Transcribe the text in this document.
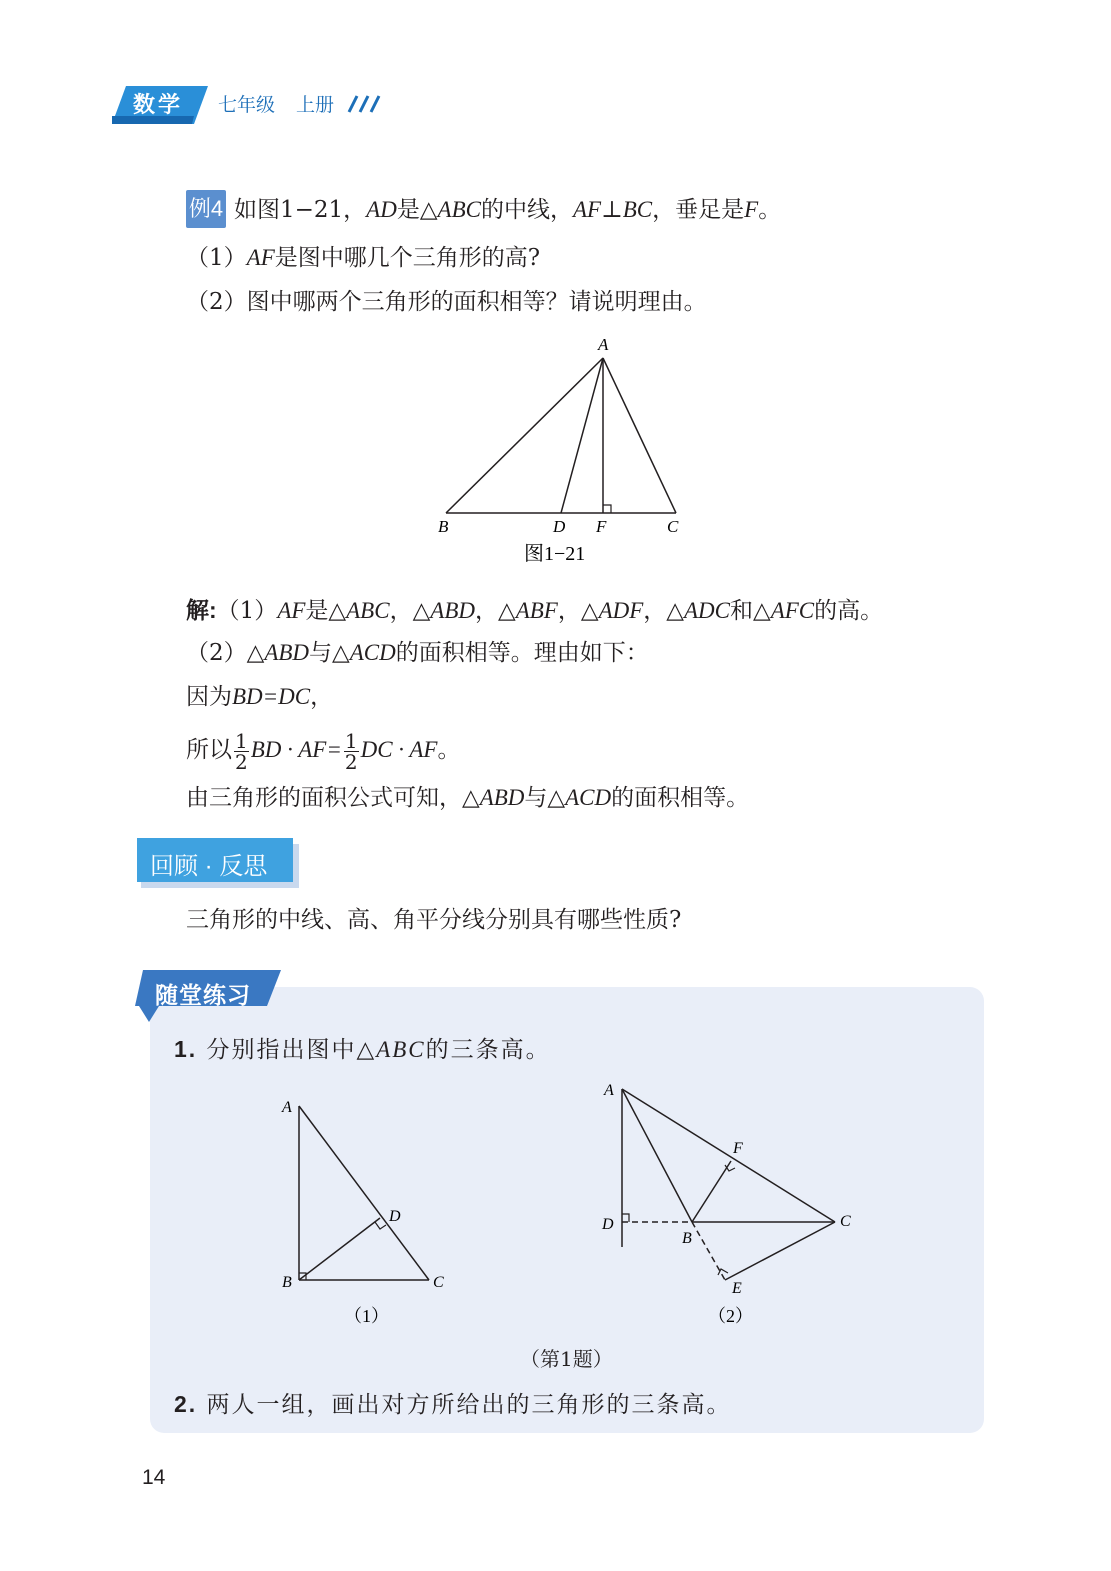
数学 七年级 上册
例4 如图1−21，AD是△ABC的中线，AF⊥BC，垂足是F。
（1）AF是图中哪几个三角形的高?
（2）图中哪两个三角形的面积相等？请说明理由。
A
B	D F	C
图1−21
解:（1）AF是△ABC，△ABD，△ABF，△ADF，△ADC和△AFC的高。
（2）△ABD与△ACD的面积相等。理由如下：
因为BD=DC，
所以 $\frac{1}{2}$ BD · $AF= \frac{1}{2}$ DC · AF。
由三角形的面积公式可知，△ABD与△ACD的面积相等。
回顾 · 反思
三角形的中线、高、角平分线分别具有哪些性质?
随堂练习
1. 分别指出图中△ABC的三条高。
A
B	C
D
（1）
A
F
D
B
C
E
（2）
（第1题）
2. 两人一组，画出对方所给出的三角形的三条高。
14
